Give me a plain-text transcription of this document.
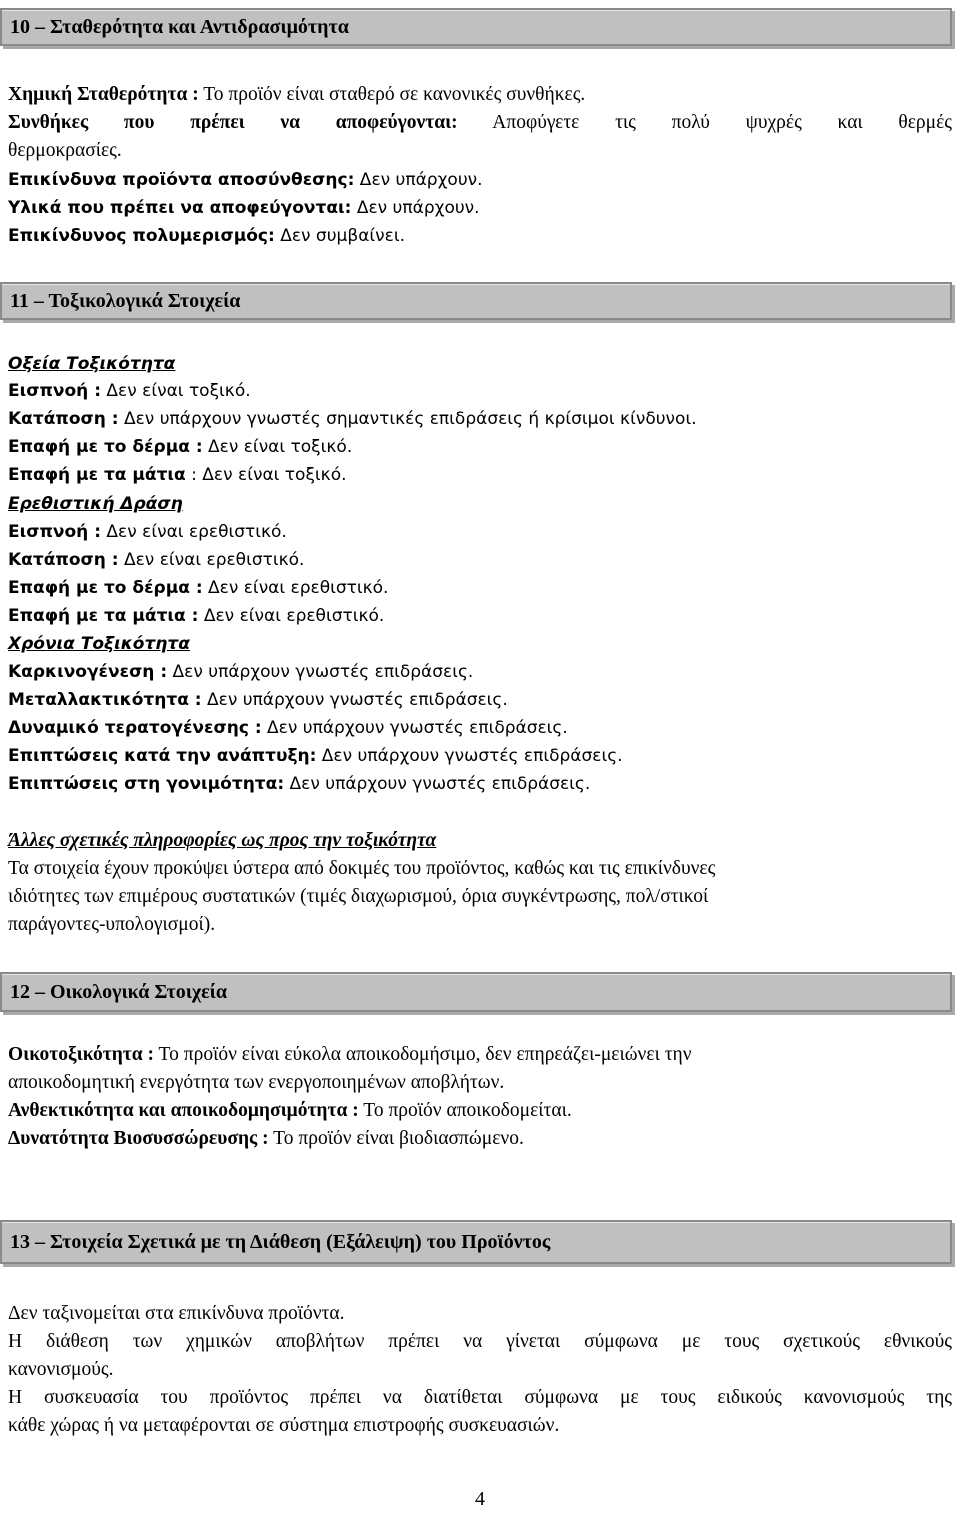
10 – Σταθερότητα και Αντιδρασιμότητα
Χημική Σταθερότητα : Το προϊόν είναι σταθερό σε κανονικές συνθήκες.
Συνθήκες που πρέπει να αποφεύγονται: Αποφύγετε τις πολύ ψυχρές και θερμές
θερμοκρασίες.
Επικίνδυνα προϊόντα αποσύνθεσης: Δεν υπάρχουν.
Υλικά που πρέπει να αποφεύγονται: Δεν υπάρχουν.
Επικίνδυνος πολυμερισμός: Δεν συμβαίνει.
11 – Τοξικολογικά Στοιχεία
Οξεία Τοξικότητα
Εισπνοή : Δεν είναι τοξικό.
Κατάποση : Δεν υπάρχουν γνωστές σημαντικές επιδράσεις ή κρίσιμοι κίνδυνοι.
Επαφή με το δέρμα : Δεν είναι τοξικό.
Επαφή με τα μάτια : Δεν είναι τοξικό.
Ερεθιστική Δράση
Εισπνοή : Δεν είναι ερεθιστικό.
Κατάποση : Δεν είναι ερεθιστικό.
Επαφή με το δέρμα : Δεν είναι ερεθιστικό.
Επαφή με τα μάτια : Δεν είναι ερεθιστικό.
Χρόνια Τοξικότητα
Καρκινογένεση : Δεν υπάρχουν γνωστές επιδράσεις.
Μεταλλακτικότητα : Δεν υπάρχουν γνωστές επιδράσεις.
Δυναμικό τερατογένεσης : Δεν υπάρχουν γνωστές επιδράσεις.
Επιπτώσεις κατά την ανάπτυξη: Δεν υπάρχουν γνωστές επιδράσεις.
Επιπτώσεις στη γονιμότητα: Δεν υπάρχουν γνωστές επιδράσεις.
Άλλες σχετικές πληροφορίες ως προς την τοξικότητα
Τα στοιχεία έχουν προκύψει ύστερα από δοκιμές του προϊόντος, καθώς και τις επικίνδυνες
ιδιότητες των επιμέρους συστατικών (τιμές διαχωρισμού, όρια συγκέντρωσης, πολ/στικοί
παράγοντες-υπολογισμοί).
12 – Οικολογικά Στοιχεία
Οικοτοξικότητα : Το προϊόν είναι εύκολα αποικοδομήσιμο, δεν επηρεάζει-μειώνει την
αποικοδομητική ενεργότητα των ενεργοποιημένων αποβλήτων.
Ανθεκτικότητα και αποικοδομησιμότητα : Το προϊόν αποικοδομείται.
Δυνατότητα Βιοσυσσώρευσης : Το προϊόν είναι βιοδιασπώμενο.
13 – Στοιχεία Σχετικά με τη Διάθεση (Εξάλειψη) του Προϊόντος
Δεν ταξινομείται στα επικίνδυνα προϊόντα.
Η διάθεση των χημικών αποβλήτων πρέπει να γίνεται σύμφωνα με τους σχετικούς εθνικούς
κανονισμούς.
Η συσκευασία του προϊόντος πρέπει να διατίθεται σύμφωνα με τους ειδικούς κανονισμούς της
κάθε χώρας ή να μεταφέρονται σε σύστημα επιστροφής συσκευασιών.
4
